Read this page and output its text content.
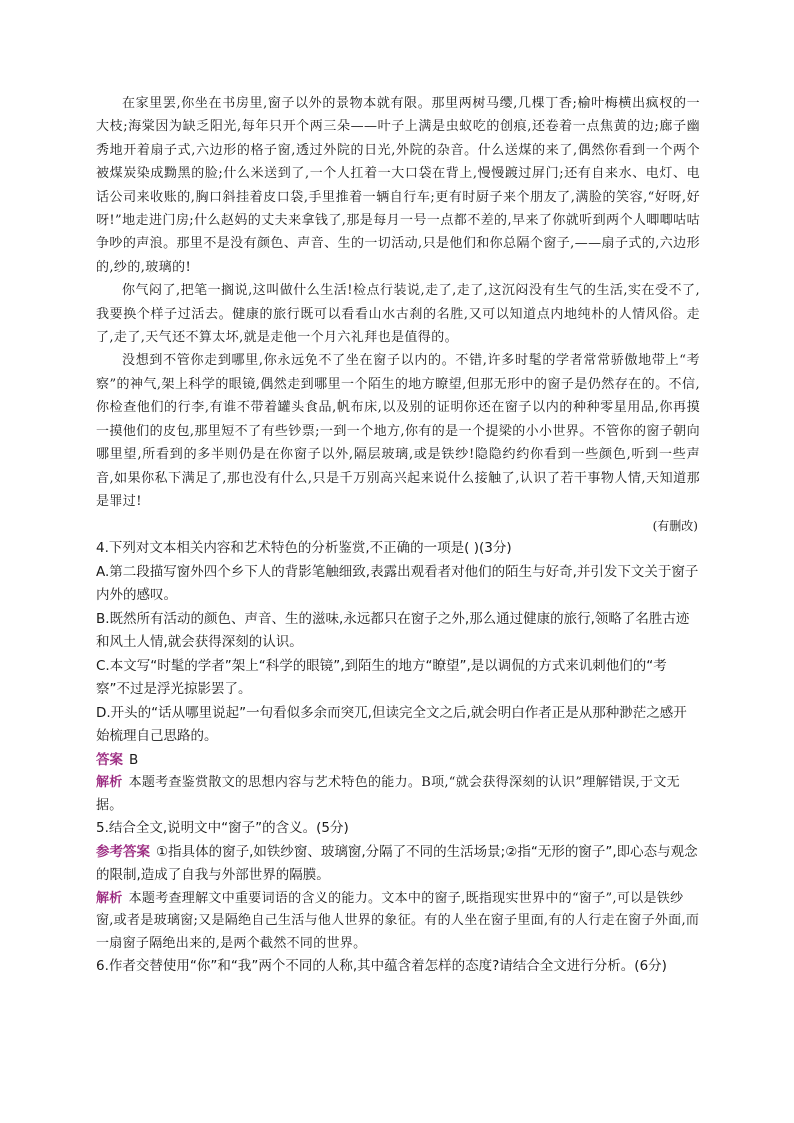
在家里罢,你坐在书房里,窗子以外的景物本就有限。那里两树马缨,几棵丁香;榆叶梅横出疯杈的一大枝;海棠因为缺乏阳光,每年只开个两三朵——叶子上满是虫蚁吃的创痕,还卷着一点焦黄的边;廊子幽秀地开着扇子式,六边形的格子窗,透过外院的日光,外院的杂音。什么送煤的来了,偶然你看到一个两个被煤炭染成黝黑的脸;什么米送到了,一个人扛着一大口袋在背上,慢慢踱过屏门;还有自来水、电灯、电话公司来收账的,胸口斜挂着皮口袋,手里推着一辆自行车;更有时厨子来个朋友了,满脸的笑容,“好呀,好呀!”地走进门房;什么赵妈的丈夫来拿钱了,那是每月一号一点都不差的,早来了你就听到两个人唧唧咕咕争吵的声浪。那里不是没有颜色、声音、生的一切活动,只是他们和你总隔个窗子,——扇子式的,六边形的,纱的,玻璃的!

你气闷了,把笔一搁说,这叫做什么生活!检点行装说,走了,走了,这沉闷没有生气的生活,实在受不了,我要换个样子过活去。健康的旅行既可以看看山水古刹的名胜,又可以知道点内地纯朴的人情风俗。走了,走了,天气还不算太坏,就是走他一个月六礼拜也是值得的。

没想到不管你走到哪里,你永远免不了坐在窗子以内的。不错,许多时髦的学者常常骄傲地带上“考察”的神气,架上科学的眼镜,偶然走到哪里一个陌生的地方瞭望,但那无形中的窗子是仍然存在的。不信,你检查他们的行李,有谁不带着罐头食品,帆布床,以及别的证明你还在窗子以内的种种零星用品,你再摸一摸他们的皮包,那里短不了有些钞票;一到一个地方,你有的是一个提梁的小小世界。不管你的窗子朝向哪里望,所看到的多半则仍是在你窗子以外,隔层玻璃,或是铁纱!隐隐约约你看到一些颜色,听到一些声音,如果你私下满足了,那也没有什么,只是千万别高兴起来说什么接触了,认识了若干事物人情,天知道那是罪过!

(有删改)

4.下列对文本相关内容和艺术特色的分析鉴赏,不正确的一项是( )(3分)

A.第二段描写窗外四个乡下人的背影笔触细致,表露出观看者对他们的陌生与好奇,并引发下文关于窗子内外的感叹。

B.既然所有活动的颜色、声音、生的滋味,永远都只在窗子之外,那么通过健康的旅行,领略了名胜古迹和风土人情,就会获得深刻的认识。

C.本文写“时髦的学者”架上“科学的眼镜”,到陌生的地方“瞭望”,是以调侃的方式来讥刺他们的“考察”不过是浮光掠影罢了。

D.开头的“话从哪里说起”一句看似多余而突兀,但读完全文之后,就会明白作者正是从那种渺茫之感开始梳理自己思路的。

答案 B

解析 本题考查鉴赏散文的思想内容与艺术特色的能力。B项,“就会获得深刻的认识”理解错误,于文无据。

5.结合全文,说明文中“窗子”的含义。(5分)

参考答案 ①指具体的窗子,如铁纱窗、玻璃窗,分隔了不同的生活场景;②指“无形的窗子”,即心态与观念的限制,造成了自我与外部世界的隔膜。

解析 本题考查理解文中重要词语的含义的能力。文本中的窗子,既指现实世界中的“窗子”,可以是铁纱窗,或者是玻璃窗;又是隔绝自己生活与他人世界的象征。有的人坐在窗子里面,有的人行走在窗子外面,而一扇窗子隔绝出来的,是两个截然不同的世界。

6.作者交替使用“你”和“我”两个不同的人称,其中蕴含着怎样的态度?请结合全文进行分析。(6分)
